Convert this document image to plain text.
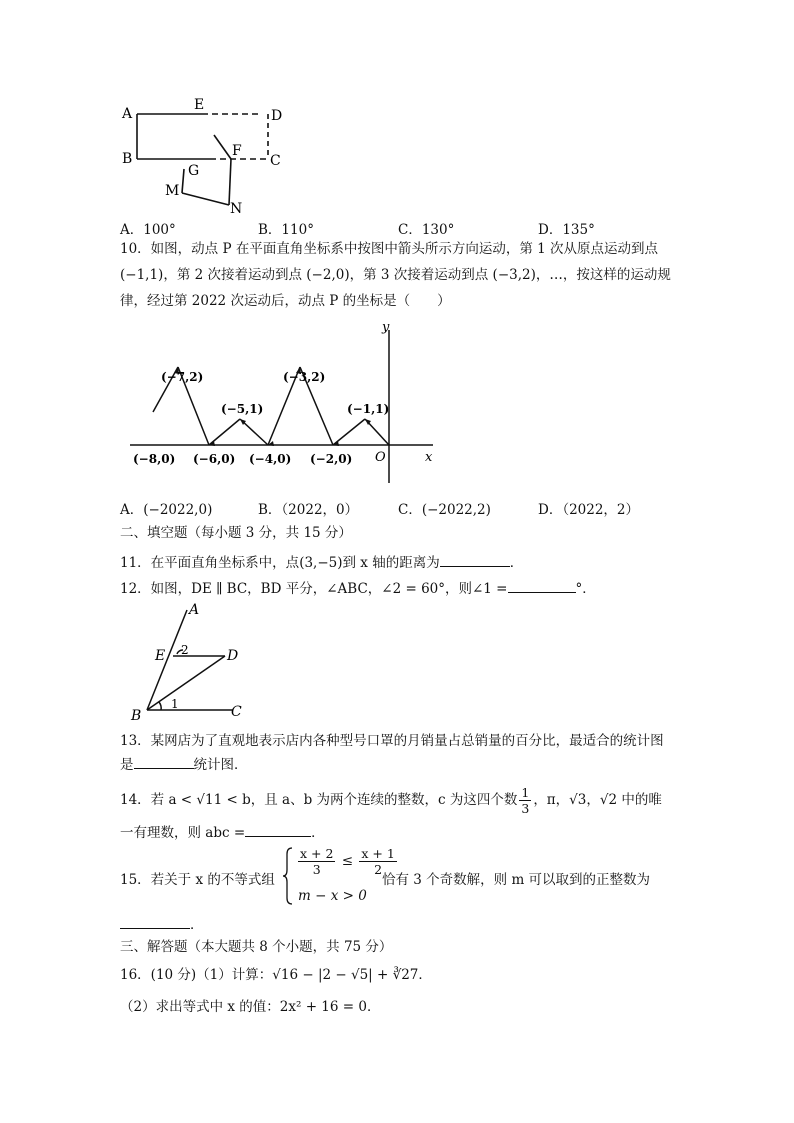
A
E
D
B	F
C
G
M
N
A．100°	B．110°	C．130°	D．135°
10．如图，动点 P 在平面直角坐标系中按图中箭头所示方向运动，第 1 次从原点运动到点
(−1,1)，第 2 次接着运动到点 (−2,0)，第 3 次接着运动到点 (−3,2)，…，按这样的运动规
律，经过第 2022 次运动后，动点 P 的坐标是（　　）
y
x
O
(−8,0) (−6,0) (−4,0) (−2,0)
(−7,2)
(−5,1)
(−3,2)
(−1,1)
A．(−2022,0)	B．（2022，0）	C．(−2022,2)	D．（2022，2）
二、填空题（每小题 3 分，共 15 分）
11．在平面直角坐标系中，点(3,−5)到 x 轴的距离为	．
12．如图，DE ∥ BC，BD 平分，∠ABC，∠2 = 60°，则∠1 =	°．
A
E	D
B	C
2
1
13．某网店为了直观地表示店内各种型号口罩的月销量占总销量的百分比，最适合的统计图
是	统计图．
14．若 a < √11 < b，且 a、b 为两个连续的整数，c 为这四个数 $\frac{1}{3}$ ，π，√3，√2 中的唯
一有理数，则 abc =	．
15．若关于 x 的不等式组
$\frac{x + 2}{3} \le \frac{x + 1}{2}$
m − x > 0
恰有 3 个奇数解，则 m 可以取到的正整数为
．
三、解答题（本大题共 8 个小题，共 75 分）
16．(10 分)（1）计算：√16 − |2 − √5| + ∛27．
（2）求出等式中 x 的值：2x² + 16 = 0．
